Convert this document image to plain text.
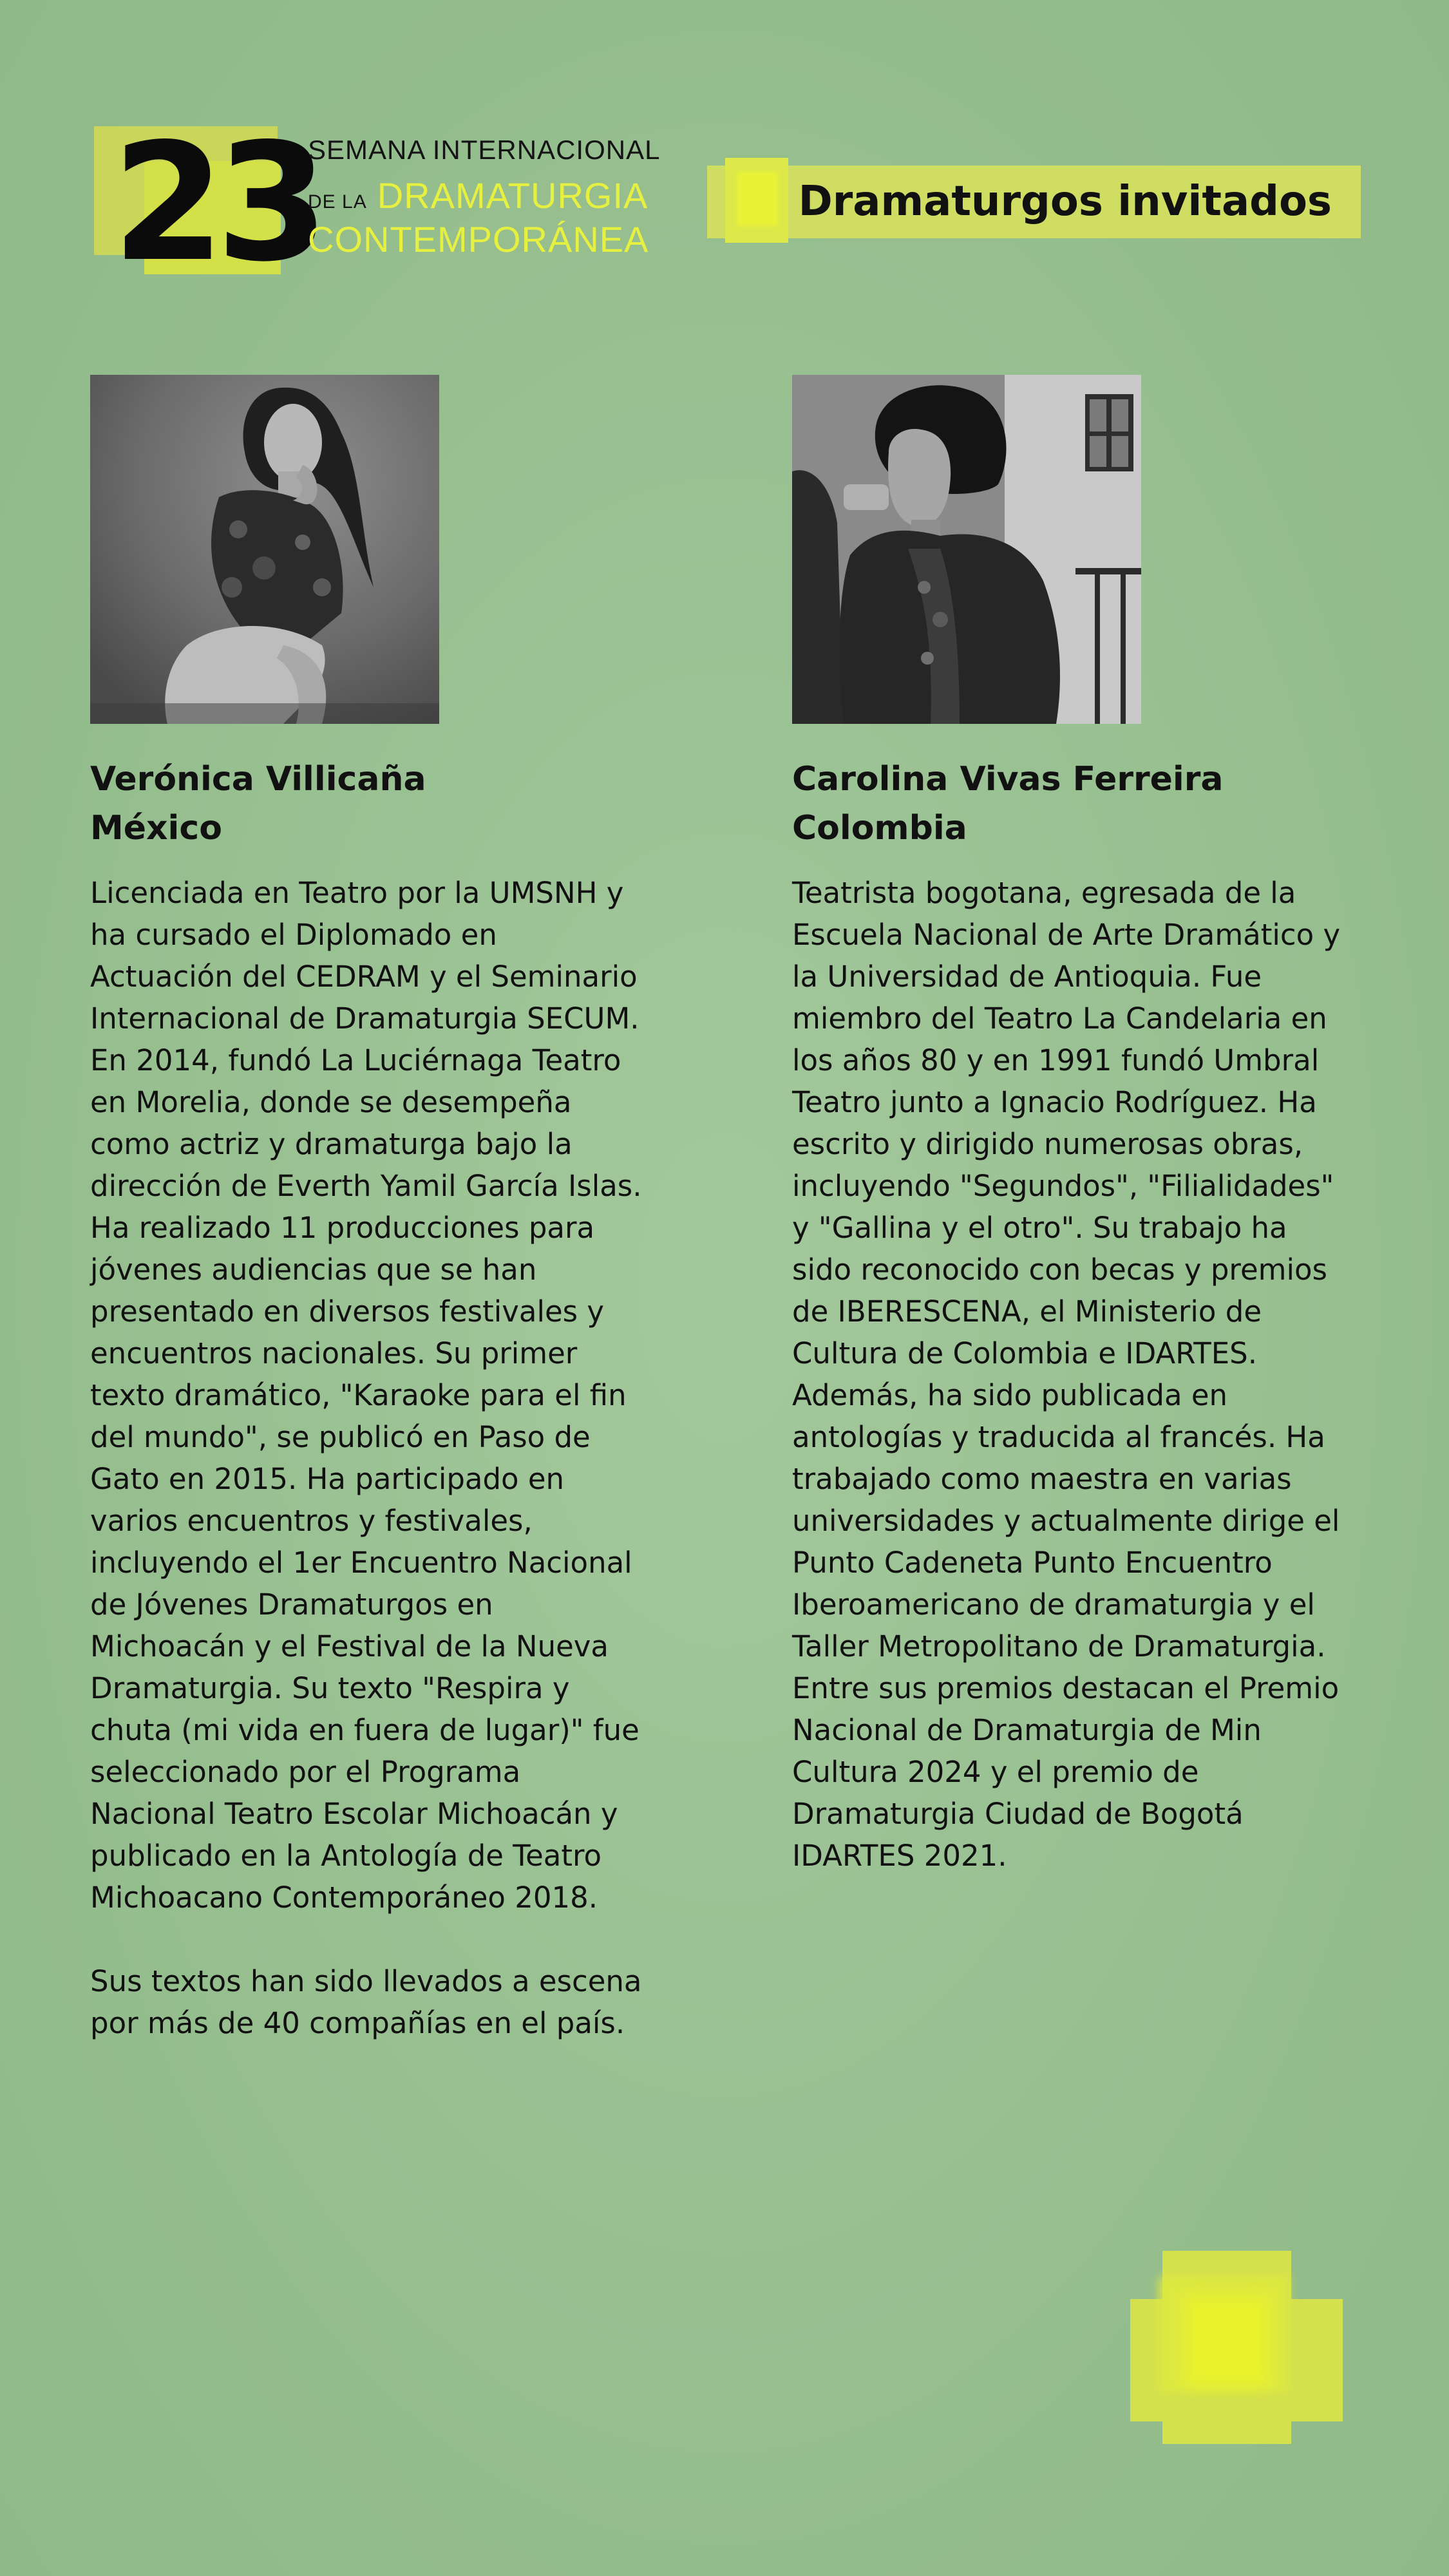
23
SEMANA INTERNACIONAL
DE LA DRAMATURGIA
CONTEMPORÁNEA
Dramaturgos invitados
Verónica Villicaña
México
Licenciada en Teatro por la UMSNH y ha cursado el Diplomado en Actuación del CEDRAM y el Seminario Internacional de Dramaturgia SECUM. En 2014, fundó La Luciérnaga Teatro en Morelia, donde se desempeña como actriz y dramaturga bajo la dirección de Everth Yamil García Islas. Ha realizado 11 producciones para jóvenes audiencias que se han presentado en diversos festivales y encuentros nacionales. Su primer texto dramático, "Karaoke para el fin del mundo", se publicó en Paso de Gato en 2015. Ha participado en varios encuentros y festivales, incluyendo el 1er Encuentro Nacional de Jóvenes Dramaturgos en Michoacán y el Festival de la Nueva Dramaturgia. Su texto "Respira y chuta (mi vida en fuera de lugar)" fue seleccionado por el Programa Nacional Teatro Escolar Michoacán y publicado en la Antología de Teatro Michoacano Contemporáneo 2018.
Sus textos han sido llevados a escena por más de 40 compañías en el país.
Carolina Vivas Ferreira
Colombia
Teatrista bogotana, egresada de la Escuela Nacional de Arte Dramático y la Universidad de Antioquia. Fue miembro del Teatro La Candelaria en los años 80 y en 1991 fundó Umbral Teatro junto a Ignacio Rodríguez. Ha escrito y dirigido numerosas obras, incluyendo "Segundos", "Filialidades" y "Gallina y el otro". Su trabajo ha sido reconocido con becas y premios de IBERESCENA, el Ministerio de Cultura de Colombia e IDARTES. Además, ha sido publicada en antologías y traducida al francés. Ha trabajado como maestra en varias universidades y actualmente dirige el Punto Cadeneta Punto Encuentro Iberoamericano de dramaturgia y el Taller Metropolitano de Dramaturgia. Entre sus premios destacan el Premio Nacional de Dramaturgia de Min Cultura 2024 y el premio de Dramaturgia Ciudad de Bogotá IDARTES 2021.
